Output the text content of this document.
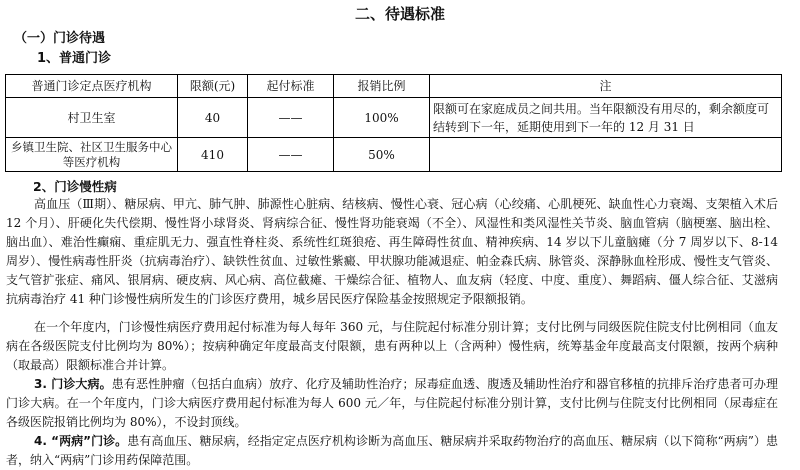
二、待遇标准
（一）门诊待遇
1、普通门诊
普通门诊定点医疗机构	限额(元)	起付标准	报销比例	注
村卫生室	40	——	100%	限额可在家庭成员之间共用。当年限额没有用尽的，剩余额度可结转到下一年，延期使用到下一年的 12 月 31 日
乡镇卫生院、社区卫生服务中心等医疗机构	410	——	50%	
2、门诊慢性病

高血压（Ⅲ期）、糖尿病、甲亢、肺气肿、肺源性心脏病、结核病、慢性心衰、冠心病（心绞痛、心肌梗死、缺血性心力衰竭、支架植入术后 12 个月）、肝硬化失代偿期、慢性肾小球肾炎、肾病综合征、慢性肾功能衰竭（不全）、风湿性和类风湿性关节炎、脑血管病（脑梗塞、脑出栓、脑出血）、难治性癫痫、重症肌无力、强直性脊柱炎、系统性红斑狼疮、再生障碍性贫血、精神疾病、14 岁以下儿童脑瘫（分 7 周岁以下、8-14 周岁）、慢性病毒性肝炎（抗病毒治疗）、缺铁性贫血、过敏性紫癜、甲状腺功能减退症、帕金森氏病、脉管炎、深静脉血栓形成、慢性支气管炎、支气管扩张症、痛风、银屑病、硬皮病、风心病、高位截瘫、干燥综合征、植物人、血友病（轻度、中度、重度）、舞蹈病、僵人综合征、艾滋病抗病毒治疗 41 种门诊慢性病所发生的门诊医疗费用，城乡居民医疗保险基金按照规定予限额报销。

在一个年度内，门诊慢性病医疗费用起付标准为每人每年 360 元，与住院起付标准分别计算；支付比例与同级医院住院支付比例相同（血友病在各级医院支付比例均为 80%）；按病种确定年度最高支付限额，患有两种以上（含两种）慢性病，统筹基金年度最高支付限额，按两个病种（取最高）限额标准合并计算。

3. 门诊大病。患有恶性肿瘤（包括白血病）放疗、化疗及辅助性治疗；尿毒症血透、腹透及辅助性治疗和器官移植的抗排斥治疗患者可办理门诊大病。在一个年度内，门诊大病医疗费用起付标准为每人 600 元／年，与住院起付标准分别计算，支付比例与住院支付比例相同（尿毒症在各级医院报销比例均为 80%），不设封顶线。

4. “两病”门诊。患有高血压、糖尿病，经指定定点医疗机构诊断为高血压、糖尿病并采取药物治疗的高血压、糖尿病（以下简称“两病”）患者，纳入“两病”门诊用药保障范围。
